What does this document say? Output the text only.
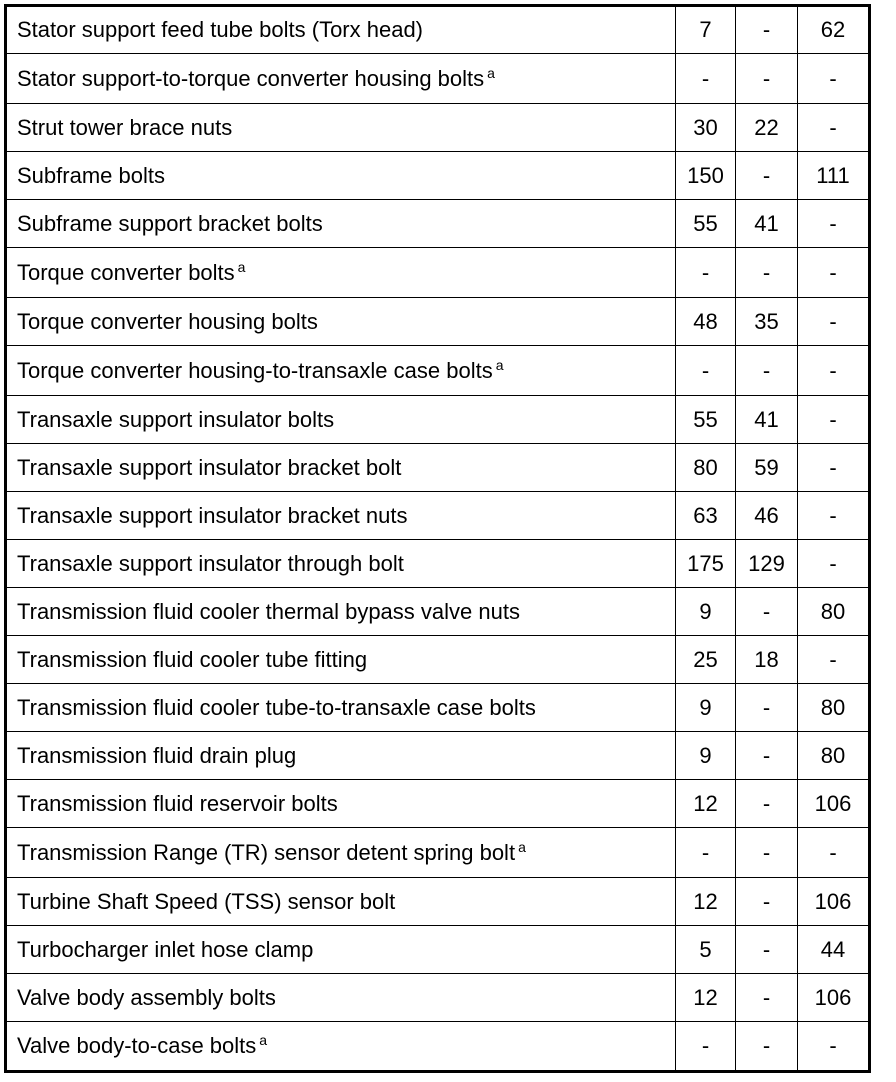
Stator support feed tube bolts (Torx head)	7	-	62
Stator support-to-torque converter housing bolts $^a$	-	-	-
Strut tower brace nuts	30	22	-
Subframe bolts	150	-	111
Subframe support bracket bolts	55	41	-
Torque converter bolts $^a$	-	-	-
Torque converter housing bolts	48	35	-
Torque converter housing-to-transaxle case bolts $^a$	-	-	-
Transaxle support insulator bolts	55	41	-
Transaxle support insulator bracket bolt	80	59	-
Transaxle support insulator bracket nuts	63	46	-
Transaxle support insulator through bolt	175	129	-
Transmission fluid cooler thermal bypass valve nuts	9	-	80
Transmission fluid cooler tube fitting	25	18	-
Transmission fluid cooler tube-to-transaxle case bolts	9	-	80
Transmission fluid drain plug	9	-	80
Transmission fluid reservoir bolts	12	-	106
Transmission Range (TR) sensor detent spring bolt $^a$	-	-	-
Turbine Shaft Speed (TSS) sensor bolt	12	-	106
Turbocharger inlet hose clamp	5	-	44
Valve body assembly bolts	12	-	106
Valve body-to-case bolts $^a$	-	-	-
